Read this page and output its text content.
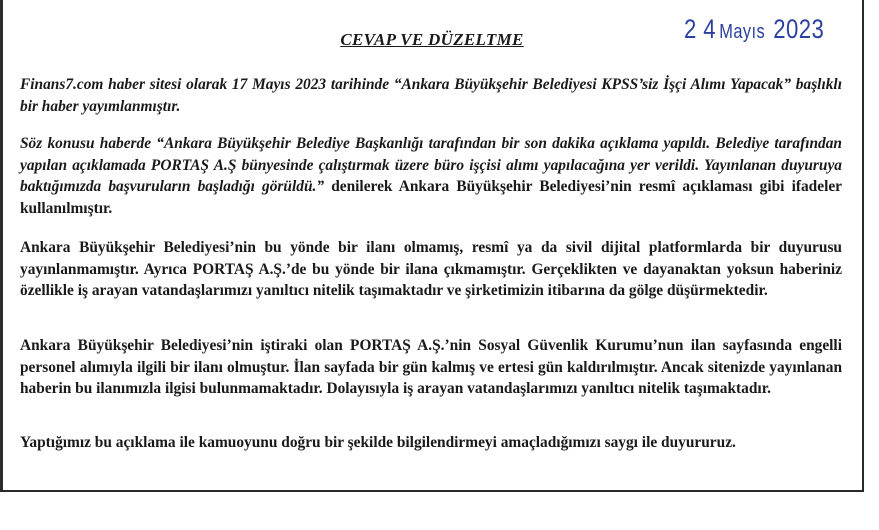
2 4 Mayıs 2023
CEVAP VE DÜZELTME

Finans7.com haber sitesi olarak 17 Mayıs 2023 tarihinde “Ankara Büyükşehir Belediyesi KPSS’siz İşçi Alımı Yapacak” başlıklı bir haber yayımlanmıştır.

Söz konusu haberde “Ankara Büyükşehir Belediye Başkanlığı tarafından bir son dakika açıklama yapıldı. Belediye tarafından yapılan açıklamada PORTAŞ A.Ş bünyesinde çalıştırmak üzere büro işçisi alımı yapılacağına yer verildi. Yayınlanan duyuruya baktığımızda başvuruların başladığı görüldü.” denilerek Ankara Büyükşehir Belediyesi’nin resmî açıklaması gibi ifadeler kullanılmıştır.

Ankara Büyükşehir Belediyesi’nin bu yönde bir ilanı olmamış, resmî ya da sivil dijital platformlarda bir duyurusu yayınlanmamıştır. Ayrıca PORTAŞ A.Ş.’de bu yönde bir ilana çıkmamıştır. Gerçeklikten ve dayanaktan yoksun haberiniz özellikle iş arayan vatandaşlarımızı yanıltıcı nitelik taşımaktadır ve şirketimizin itibarına da gölge düşürmektedir.

Ankara Büyükşehir Belediyesi’nin iştiraki olan PORTAŞ A.Ş.’nin Sosyal Güvenlik Kurumu’nun ilan sayfasında engelli personel alımıyla ilgili bir ilanı olmuştur. İlan sayfada bir gün kalmış ve ertesi gün kaldırılmıştır. Ancak sitenizde yayınlanan haberin bu ilanımızla ilgisi bulunmamaktadır. Dolayısıyla iş arayan vatandaşlarımızı yanıltıcı nitelik taşımaktadır.

Yaptığımız bu açıklama ile kamuoyunu doğru bir şekilde bilgilendirmeyi amaçladığımızı saygı ile duyururuz.
